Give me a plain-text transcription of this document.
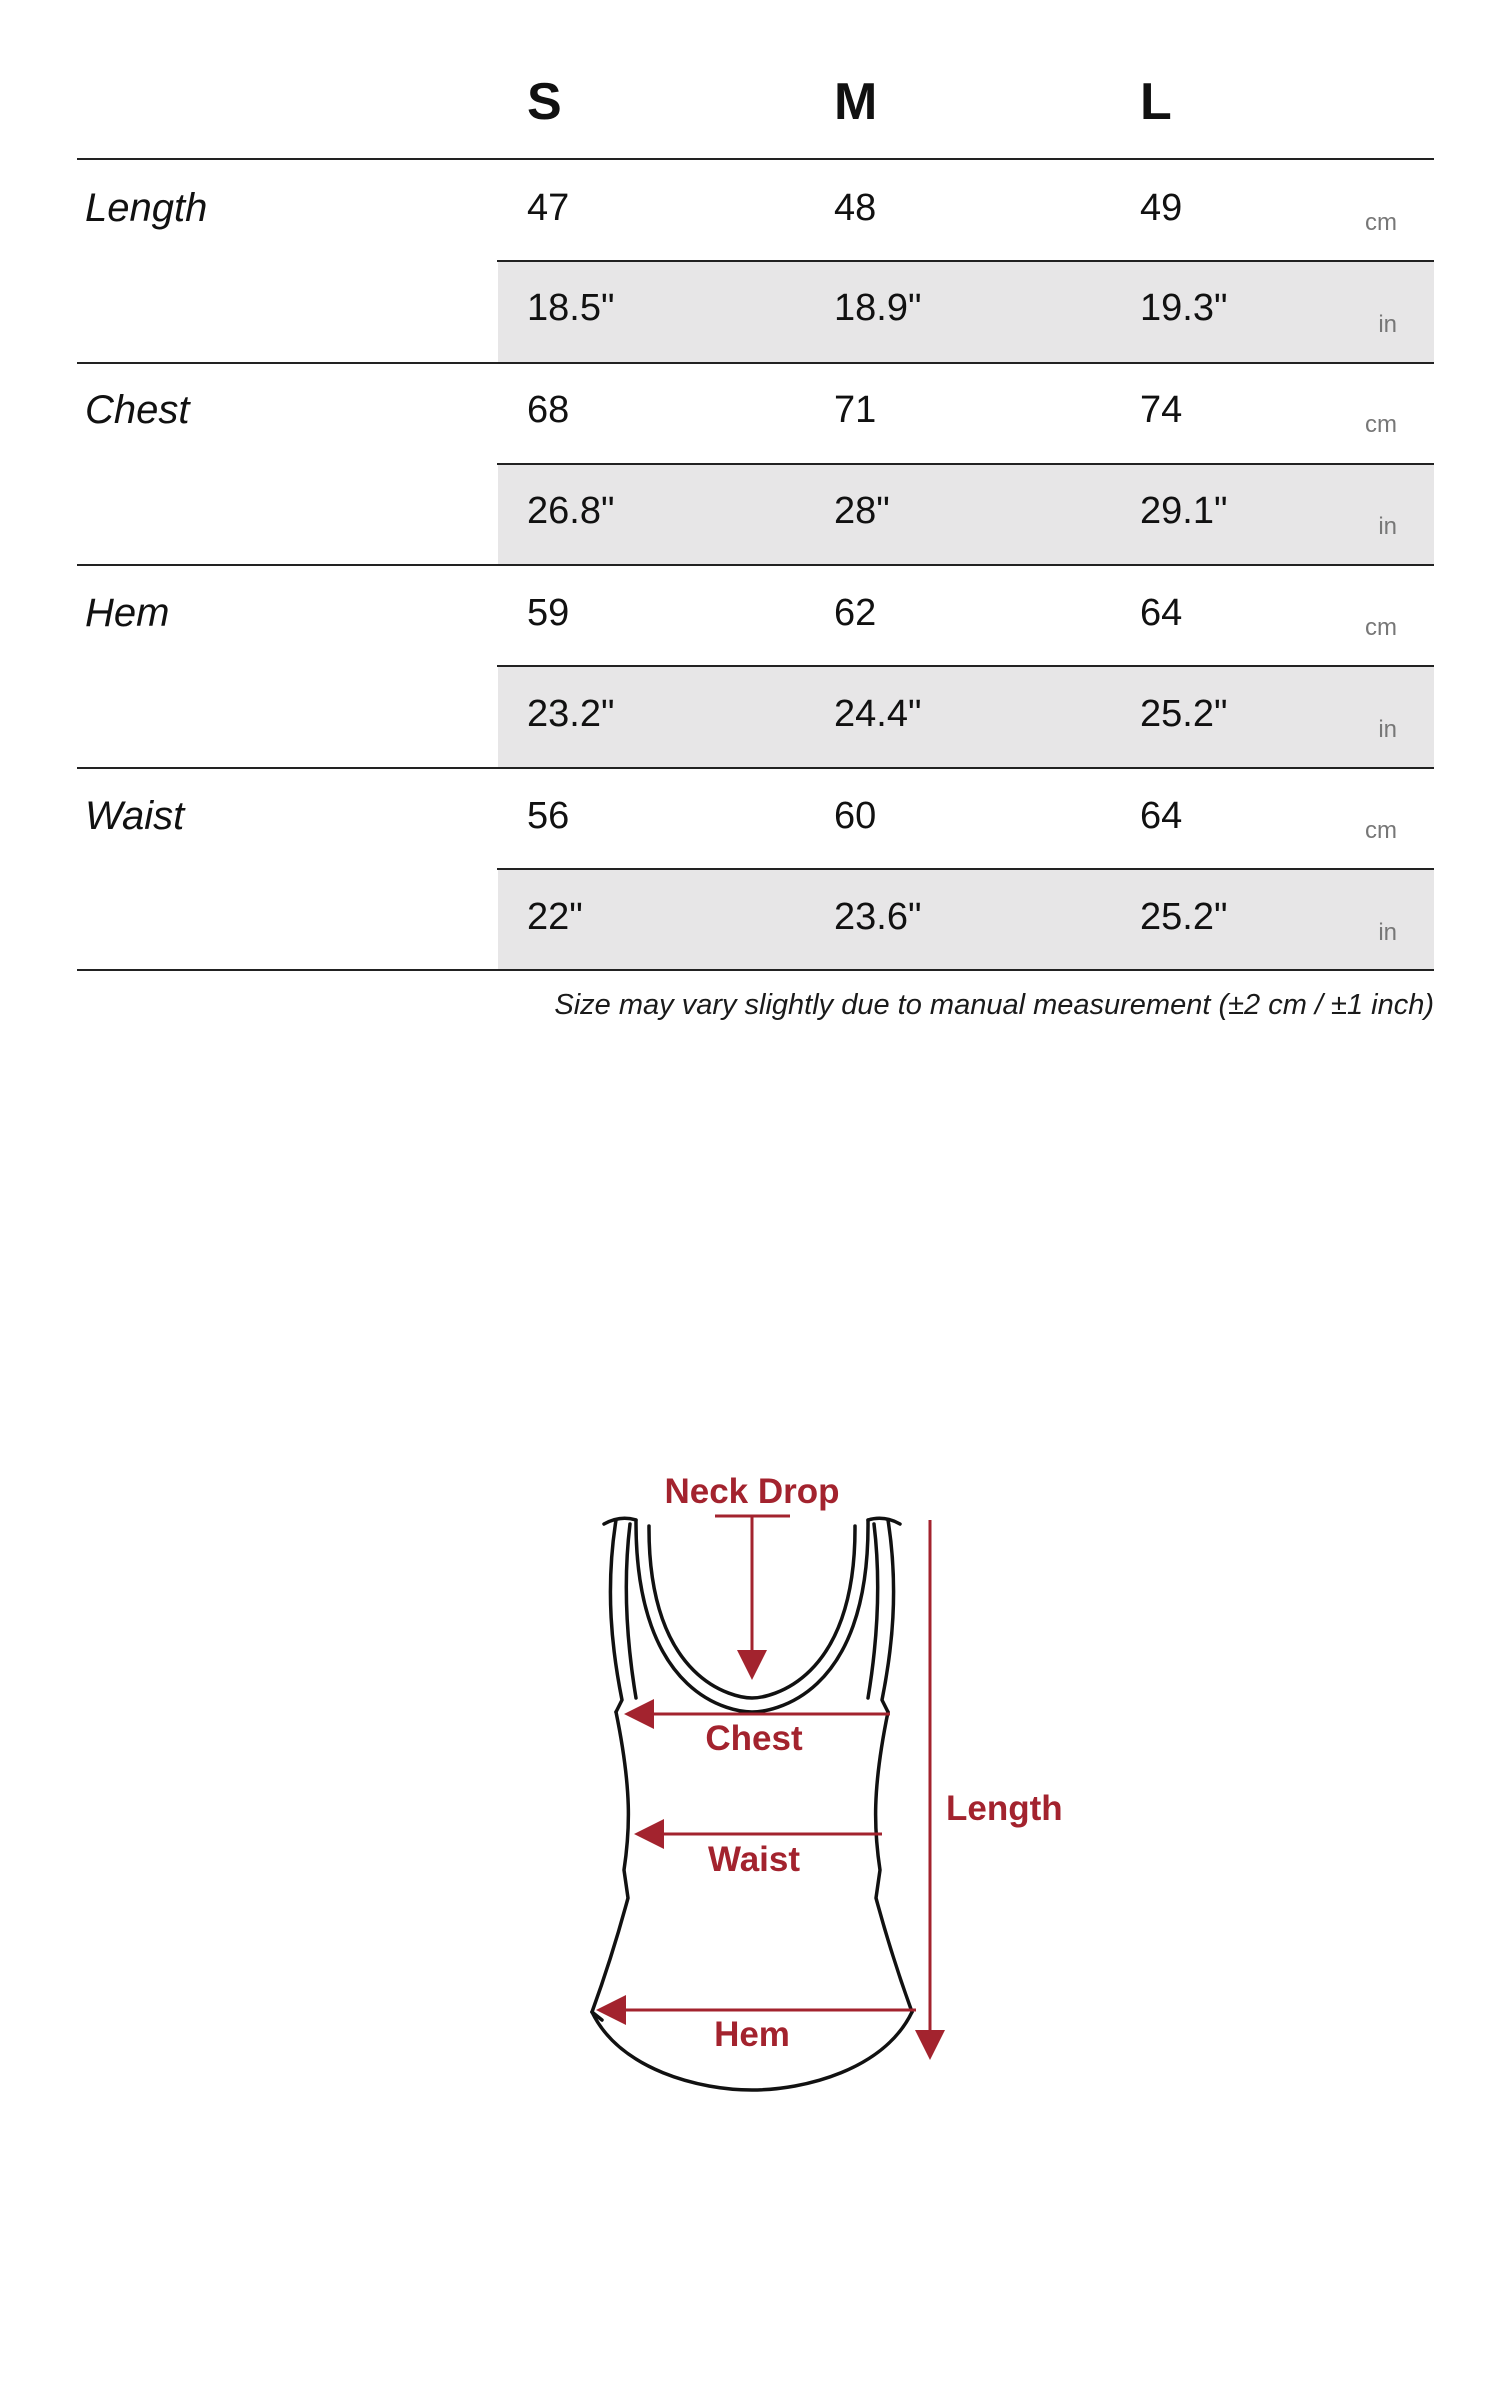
S	M	L
Length	47	48	49	cm
18.5"	18.9"	19.3"	in
Chest	68	71	74	cm
26.8"	28"	29.1"	in
Hem	59	62	64	cm
23.2"	24.4"	25.2"	in
Waist	56	60	64	cm
22"	23.6"	25.2"	in
Size may vary slightly due to manual measurement (±2 cm / ±1 inch)
Neck Drop
Chest
Waist
Hem
Length
